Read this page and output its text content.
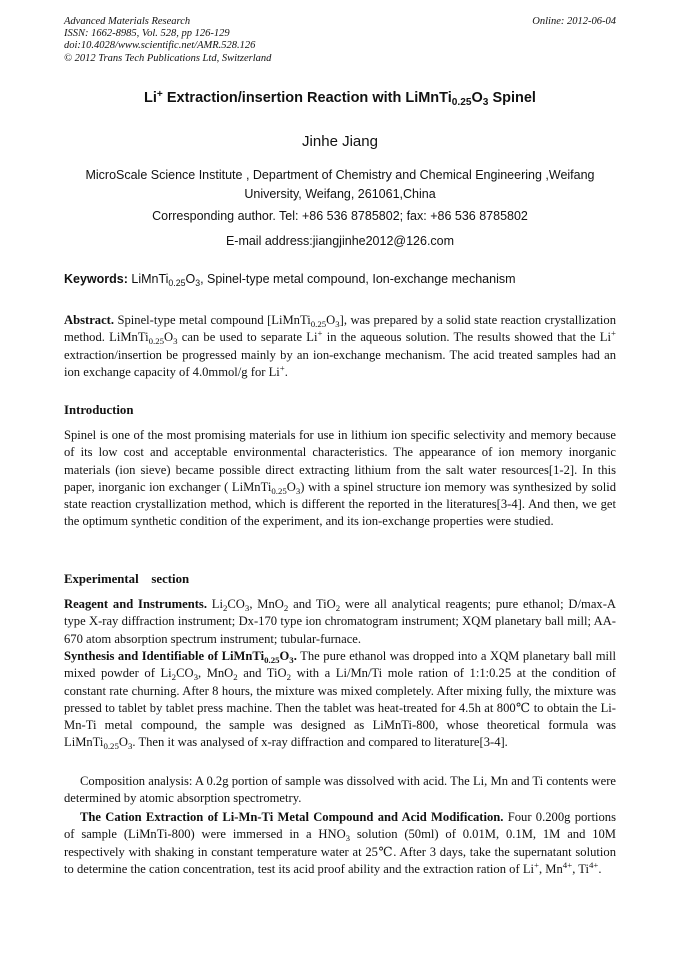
Advanced Materials Research
ISSN: 1662-8985, Vol. 528, pp 126-129
doi:10.4028/www.scientific.net/AMR.528.126
© 2012 Trans Tech Publications Ltd, Switzerland
Online: 2012-06-04
Li+ Extraction/insertion Reaction with $LiMnTi_{0.25}O_3$ Spinel
Jinhe Jiang
MicroScale Science Institute , Department of Chemistry and Chemical Engineering ,Weifang
University, Weifang, 261061,China
Corresponding author. Tel: +86 536 8785802; fax: +86 536 8785802
E-mail address:jiangjinhe2012@126.com
Keywords: $LiMnTi_{0.25}O_3$, Spinel-type metal compound, Ion-exchange mechanism
Abstract. Spinel-type metal compound $[LiMnTi_{0.25}O_3]$, was prepared by a solid state reaction crystallization method. $LiMnTi_{0.25}O_3$ can be used to separate Li+ in the aqueous solution. The results showed that the Li+ extraction/insertion be progressed mainly by an ion-exchange mechanism. The acid treated samples had an ion exchange capacity of 4.0mmol/g for Li+.
Introduction
Spinel is one of the most promising materials for use in lithium ion specific selectivity and memory because of its low cost and acceptable environmental characteristics. The appearance of ion memory inorganic materials (ion sieve) became possible direct extracting lithium from the salt water resources[1-2]. In this paper, inorganic ion exchanger ( $LiMnTi_{0.25}O_3$) with a spinel structure ion memory was synthesized by solid state reaction crystallization method, which is different the reported in the literatures[3-4]. And then, we get the optimum synthetic condition of the experiment, and its ion-exchange properties were studied.
Experimental    section
Reagent and Instruments. $Li_2CO_3$, MnO$_2$ and TiO$_2$ were all analytical reagents; pure ethanol; D/max-A type X-ray diffraction instrument; Dx-170 type ion chromatogram instrument; XQM planetary ball mill; AA-670 atom absorption spectrum instrument; tubular-furnace.
Synthesis and Identifiable of $LiMnTi_{0.25}O_3$. The pure ethanol was dropped into a XQM planetary ball mill mixed powder of $Li_2CO_3$, MnO$_2$ and TiO$_2$ with a Li/Mn/Ti mole ration of 1:1:0.25 at the condition of constant rate churning. After 8 hours, the mixture was mixed completely. After mixing fully, the mixture was pressed to tablet by tablet press machine. Then the tablet was heat-treated for 4.5h at 800℃ to obtain the Li-Mn-Ti metal compound, the sample was designed as LiMnTi-800, whose theoretical formula was $LiMnTi_{0.25}O_3$. Then it was analysed of x-ray diffraction and compared to literature[3-4].
Composition analysis: A 0.2g portion of sample was dissolved with acid. The Li, Mn and Ti contents were determined by atomic absorption spectrometry.
The Cation Extraction of Li-Mn-Ti Metal Compound and Acid Modification. Four 0.200g portions of sample (LiMnTi-800) were immersed in a $HNO_3$ solution (50ml) of 0.01M, 0.1M, 1M and 10M respectively with shaking in constant temperature water at 25℃. After 3 days, take the supernatant solution to determine the cation concentration, test its acid proof ability and the extraction ration of Li+, $Mn^{4+}$, $Ti^{4+}$.
